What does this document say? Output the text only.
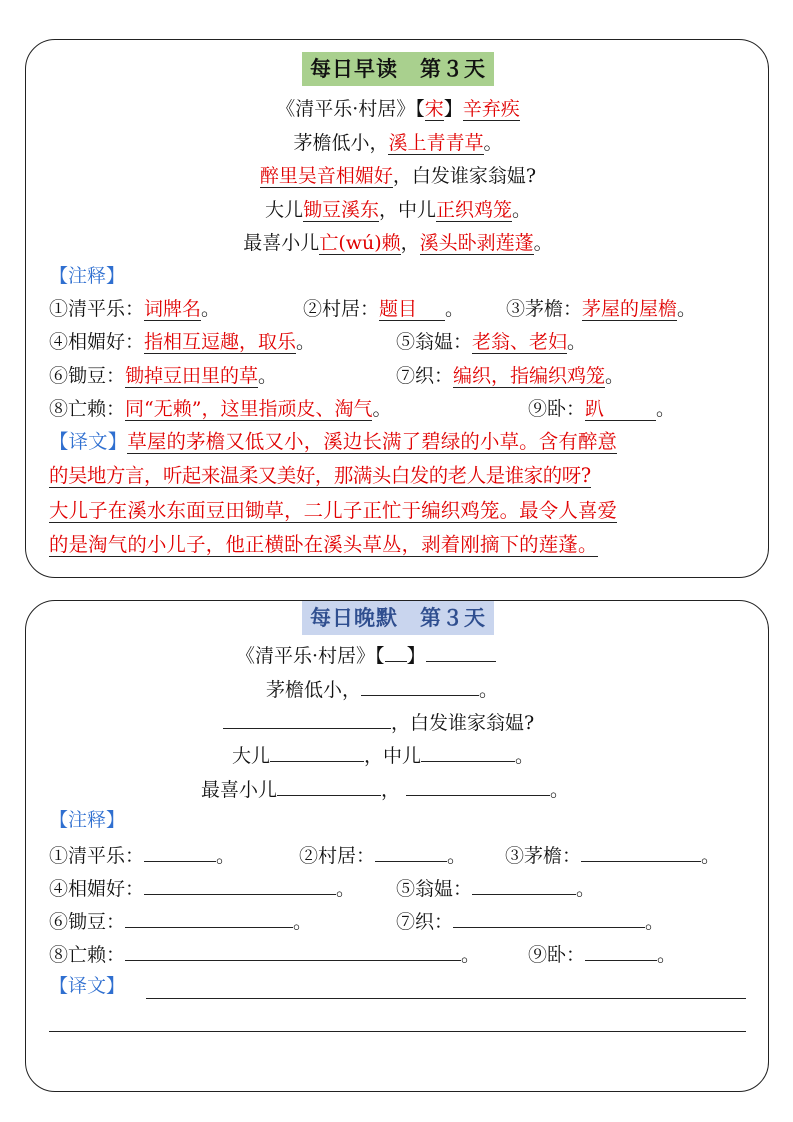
每日早读　第３天
《清平乐·村居》【宋】辛弃疾
茅檐低小，溪上青青草。
醉里吴音相媚好，白发谁家翁媪?
大儿锄豆溪东，中儿正织鸡笼。
最喜小儿亡(wú)赖，溪头卧剥莲蓬。
【注释】
①清平乐：词牌名。	②村居：题目 。 ③茅檐：茅屋的屋檐。
④相媚好：指相互逗趣，取乐。	⑤翁媪：老翁、老妇。
⑥锄豆：锄掉豆田里的草。	⑦织：编织，指编织鸡笼。
⑧亡赖：同“无赖”，这里指顽皮、淘气。	⑨卧：趴	。
【译文】草屋的茅檐又低又小，溪边长满了碧绿的小草。含有醉意
的吴地方言，听起来温柔又美好，那满头白发的老人是谁家的呀?
大儿子在溪水东面豆田锄草，二儿子正忙于编织鸡笼。最令人喜爱
的是淘气的小儿子，他正横卧在溪头草丛，剥着刚摘下的莲蓬。
每日晚默　第３天
《清平乐·村居》【 】
茅檐低小，	。
，白发谁家翁媪?
大儿	，中儿	。
最喜小儿	，	。
【注释】
①清平乐：	。	②村居：	。 ③茅檐：	。
④相媚好：	。 ⑤翁媪：	。
⑥锄豆：	。	⑦织：	。
⑧亡赖：	。	⑨卧：	。
【译文】
